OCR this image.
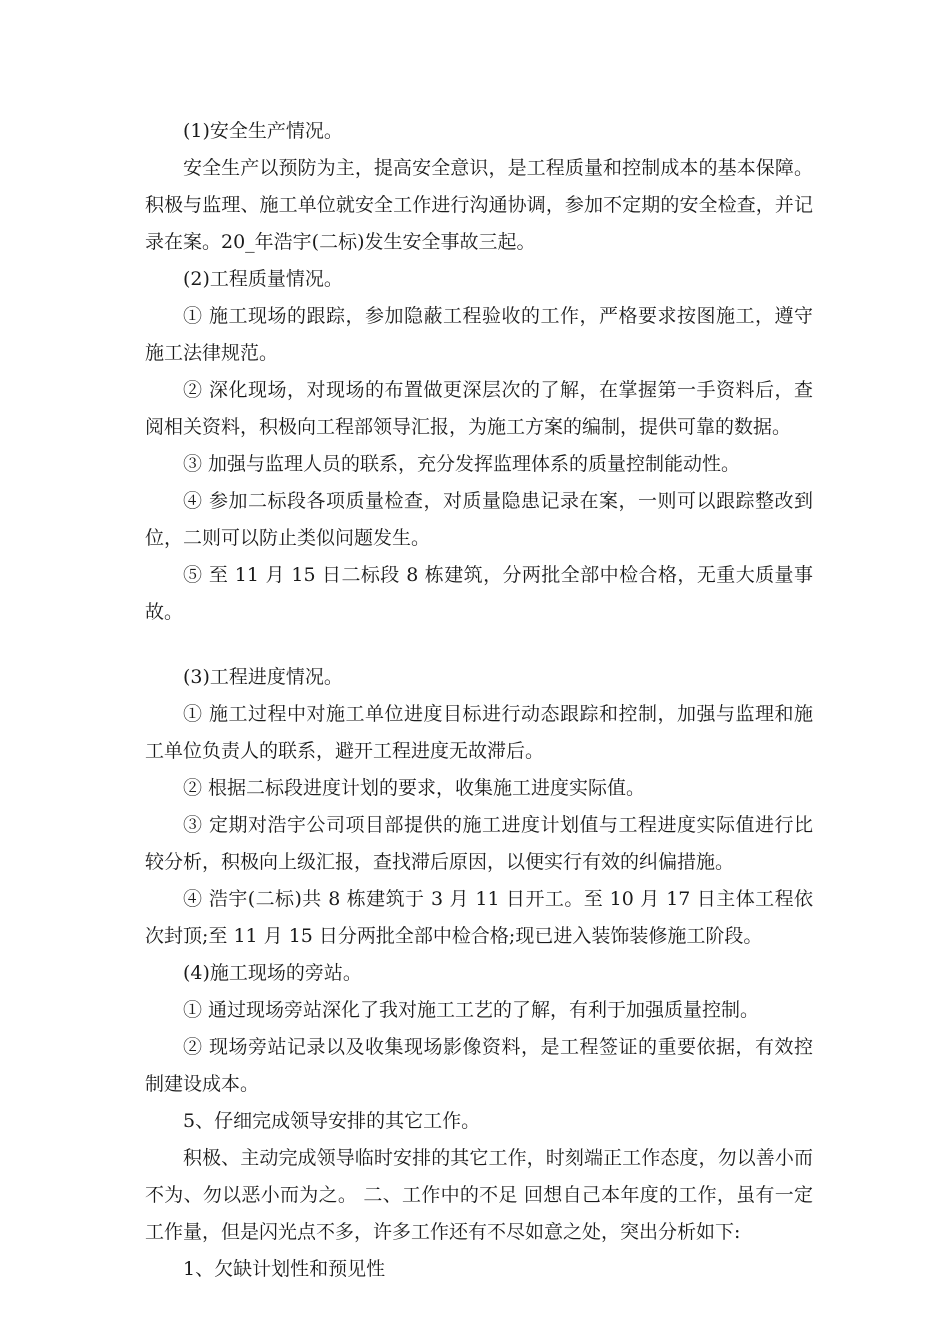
(1)安全生产情况。

安全生产以预防为主，提高安全意识，是工程质量和控制成本的基本保障。积极与监理、施工单位就安全工作进行沟通协调，参加不定期的安全检查，并记录在案。20_年浩宇(二标)发生安全事故三起。

(2)工程质量情况。

① 施工现场的跟踪，参加隐蔽工程验收的工作，严格要求按图施工，遵守施工法律规范。

② 深化现场，对现场的布置做更深层次的了解，在掌握第一手资料后，查阅相关资料，积极向工程部领导汇报，为施工方案的编制，提供可靠的数据。

③ 加强与监理人员的联系，充分发挥监理体系的质量控制能动性。

④ 参加二标段各项质量检查，对质量隐患记录在案，一则可以跟踪整改到位，二则可以防止类似问题发生。

⑤ 至 11 月 15 日二标段 8 栋建筑，分两批全部中检合格，无重大质量事故。

(3)工程进度情况。

① 施工过程中对施工单位进度目标进行动态跟踪和控制，加强与监理和施工单位负责人的联系，避开工程进度无故滞后。

② 根据二标段进度计划的要求，收集施工进度实际值。

③ 定期对浩宇公司项目部提供的施工进度计划值与工程进度实际值进行比较分析，积极向上级汇报，查找滞后原因，以便实行有效的纠偏措施。

④ 浩宇(二标)共 8 栋建筑于 3 月 11 日开工。至 10 月 17 日主体工程依次封顶;至 11 月 15 日分两批全部中检合格;现已进入装饰装修施工阶段。

(4)施工现场的旁站。

① 通过现场旁站深化了我对施工工艺的了解，有利于加强质量控制。

② 现场旁站记录以及收集现场影像资料，是工程签证的重要依据，有效控制建设成本。

5、仔细完成领导安排的其它工作。

积极、主动完成领导临时安排的其它工作，时刻端正工作态度，勿以善小而不为、勿以恶小而为之。 二、工作中的不足 回想自己本年度的工作，虽有一定工作量，但是闪光点不多，许多工作还有不尽如意之处，突出分析如下:

1、欠缺计划性和预见性
